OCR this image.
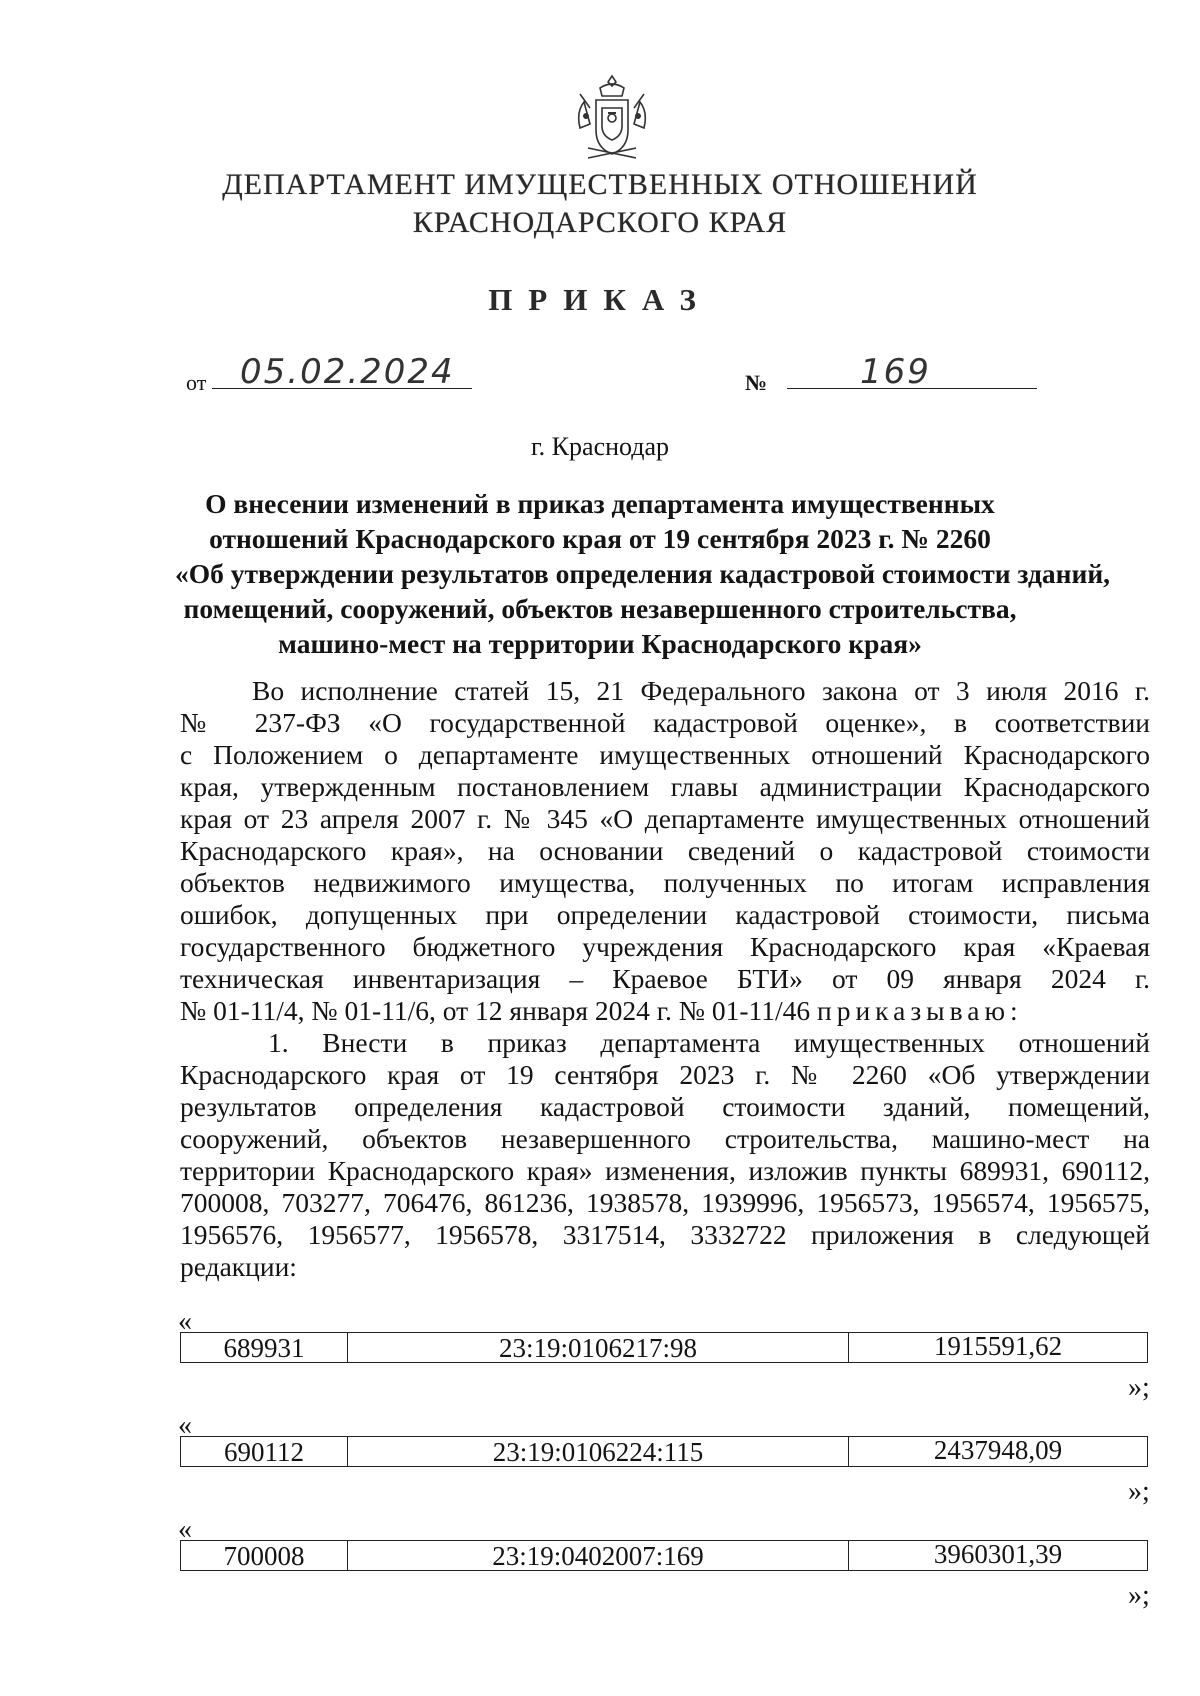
ДЕПАРТАМЕНТ ИМУЩЕСТВЕННЫХ ОТНОШЕНИЙ
КРАСНОДАРСКОГО КРАЯ
ПРИКАЗ
от 05.02.2024	№	169
г. Краснодар
О внесении изменений в приказ департамента имущественных
отношений Краснодарского края от 19 сентября 2023 г. № 2260
«Об утверждении результатов определения кадастровой стоимости зданий,
помещений, сооружений, объектов незавершенного строительства,
машино-мест на территории Краснодарского края»
Во исполнение статей 15, 21 Федерального закона от 3 июля 2016 г.
№ 237-ФЗ «О государственной кадастровой оценке», в соответствии
с Положением о департаменте имущественных отношений Краснодарского
края, утвержденным постановлением главы администрации Краснодарского
края от 23 апреля 2007 г. № 345 «О департаменте имущественных отношений
Краснодарского края», на основании сведений о кадастровой стоимости
объектов недвижимого имущества, полученных по итогам исправления
ошибок, допущенных при определении кадастровой стоимости, письма
государственного бюджетного учреждения Краснодарского края «Краевая
техническая инвентаризация – Краевое БТИ» от 09 января 2024 г.
№ 01-11/4, № 01-11/6, от 12 января 2024 г. № 01-11/46 приказываю:
1. Внести в приказ департамента имущественных отношений
Краснодарского края от 19 сентября 2023 г. № 2260 «Об утверждении
результатов определения кадастровой стоимости зданий, помещений,
сооружений, объектов незавершенного строительства, машино-мест на
территории Краснодарского края» изменения, изложив пункты 689931, 690112,
700008, 703277, 706476, 861236, 1938578, 1939996, 1956573, 1956574, 1956575,
1956576, 1956577, 1956578, 3317514, 3332722 приложения в следующей
редакции:
«
689931	23:19:0106217:98	1915591,62
»;
«
690112	23:19:0106224:115	2437948,09
»;
«
700008	23:19:0402007:169	3960301,39
»;
